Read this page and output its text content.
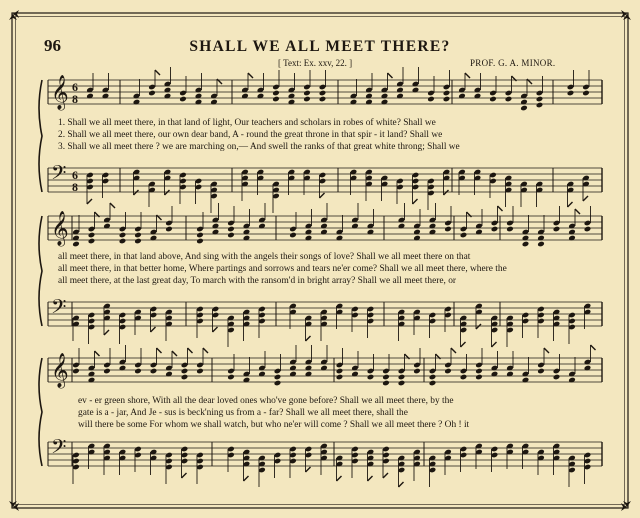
96	SHALL WE ALL MEET THERE?
[ Text: Ex. xxv, 22. ]	PROF. G. A. MINOR.
𝄞 6
8
𝄢 6
8
𝄞
𝄢
𝄞
𝄢
1. Shall we all meet there, in that land of light, Our teachers and scholars in robes of white? Shall we
2. Shall we all meet there, our own dear band, A - round the great throne in that spir - it land? Shall we
3. Shall we all meet there ? we are marching on,— And swell the ranks of that great white throng; Shall we
all meet there, in that land above, And sing with the angels their songs of love? Shall we all meet there on that
all meet there, in that better home, Where partings and sorrows and tears ne'er come? Shall we all meet there, where the
all meet there, at the last great day, To march with the ransom'd in bright array? Shall we all meet there, or
ev - er green shore, With all the dear loved ones who've gone before? Shall we all meet there, by the
gate is a - jar, And Je - sus is beck'ning us from a - far? Shall we all meet there, shall the
will there be some For whom we shall watch, but who ne'er will come ? Shall we all meet there ? Oh ! it
